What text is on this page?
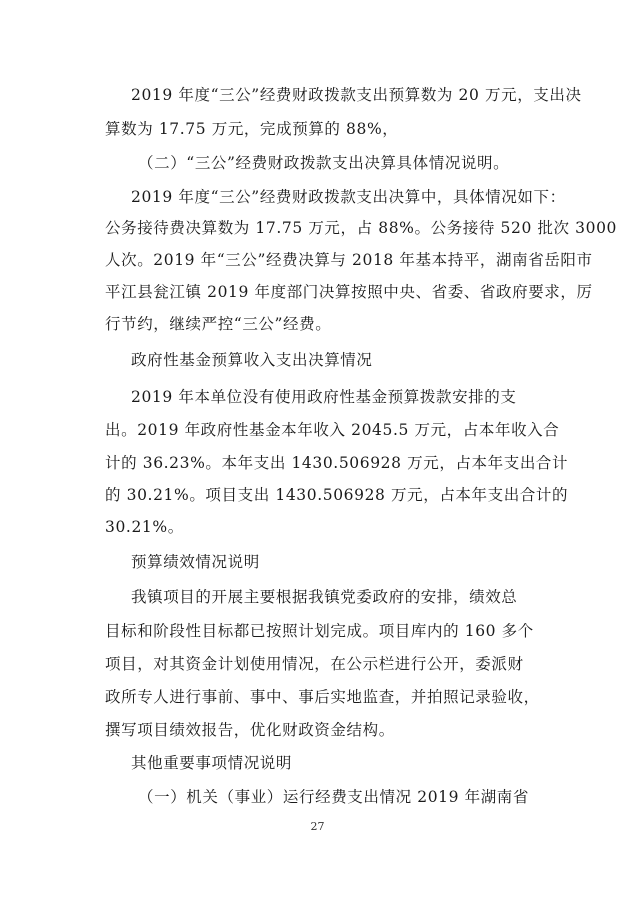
2019 年度“三公”经费财政拨款支出预算数为 20 万元，支出决
算数为 17.75 万元，完成预算的 88%，
（二）“三公”经费财政拨款支出决算具体情况说明。
2019 年度“三公”经费财政拨款支出决算中，具体情况如下：
公务接待费决算数为 17.75 万元，占 88%。公务接待 520 批次 3000
人次。2019 年“三公”经费决算与 2018 年基本持平，湖南省岳阳市
平江县瓮江镇 2019 年度部门决算按照中央、省委、省政府要求，厉
行节约，继续严控“三公”经费。
政府性基金预算收入支出决算情况
2019 年本单位没有使用政府性基金预算拨款安排的支
出。2019 年政府性基金本年收入 2045.5 万元，占本年收入合
计的 36.23%。本年支出 1430.506928 万元，占本年支出合计
的 30.21%。项目支出 1430.506928 万元，占本年支出合计的
30.21%。
预算绩效情况说明
我镇项目的开展主要根据我镇党委政府的安排，绩效总
目标和阶段性目标都已按照计划完成。项目库内的 160 多个
项目，对其资金计划使用情况，在公示栏进行公开，委派财
政所专人进行事前、事中、事后实地监查，并拍照记录验收，
撰写项目绩效报告，优化财政资金结构。
其他重要事项情况说明
（一）机关（事业）运行经费支出情况 2019 年湖南省
27
